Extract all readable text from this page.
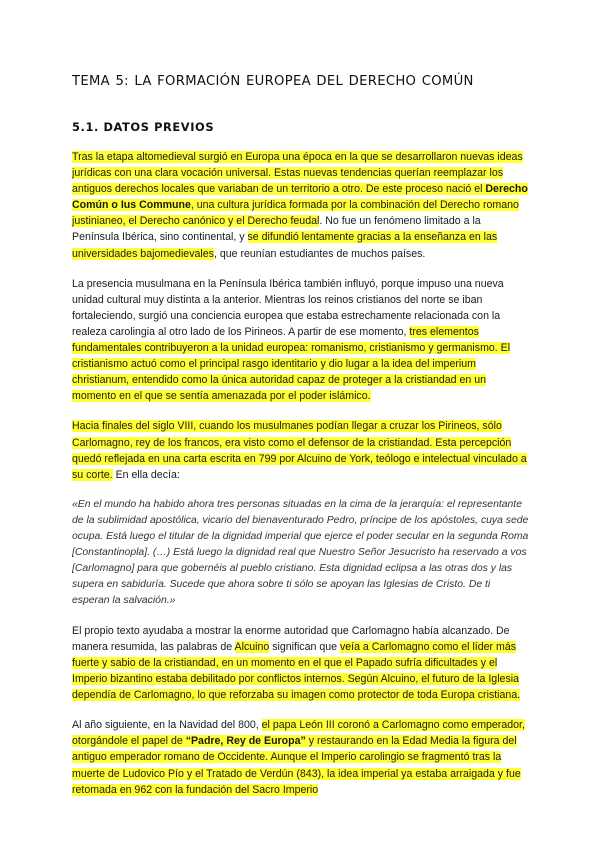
TEMA 5: LA FORMACIÓN EUROPEA DEL DERECHO COMÚN
5.1. DATOS PREVIOS

Tras la etapa altomedieval surgió en Europa una época en la que se desarrollaron nuevas ideas jurídicas con una clara vocación universal. Estas nuevas tendencias querían reemplazar los antiguos derechos locales que variaban de un territorio a otro. De este proceso nació el Derecho Común o Ius Commune, una cultura jurídica formada por la combinación del Derecho romano justinianeo, el Derecho canónico y el Derecho feudal. No fue un fenómeno limitado a la Península Ibérica, sino continental, y se difundió lentamente gracias a la enseñanza en las universidades bajomedievales, que reunían estudiantes de muchos países.

La presencia musulmana en la Península Ibérica también influyó, porque impuso una nueva unidad cultural muy distinta a la anterior. Mientras los reinos cristianos del norte se iban fortaleciendo, surgió una conciencia europea que estaba estrechamente relacionada con la realeza carolingia al otro lado de los Pirineos. A partir de ese momento, tres elementos fundamentales contribuyeron a la unidad europea: romanismo, cristianismo y germanismo. El cristianismo actuó como el principal rasgo identitario y dio lugar a la idea del imperium christianum, entendido como la única autoridad capaz de proteger a la cristiandad en un momento en el que se sentía amenazada por el poder islámico.

Hacia finales del siglo VIII, cuando los musulmanes podían llegar a cruzar los Pirineos, sólo Carlomagno, rey de los francos, era visto como el defensor de la cristiandad. Esta percepción quedó reflejada en una carta escrita en 799 por Alcuino de York, teólogo e intelectual vinculado a su corte. En ella decía:

«En el mundo ha habido ahora tres personas situadas en la cima de la jerarquía: el representante de la sublimidad apostólica, vicario del bienaventurado Pedro, príncipe de los apóstoles, cuya sede ocupa. Está luego el titular de la dignidad imperial que ejerce el poder secular en la segunda Roma [Constantinopla]. (…) Está luego la dignidad real que Nuestro Señor Jesucristo ha reservado a vos [Carlomagno] para que gobernéis al pueblo cristiano. Esta dignidad eclipsa a las otras dos y las supera en sabiduría. Sucede que ahora sobre ti sólo se apoyan las Iglesias de Cristo. De ti esperan la salvación.»

El propio texto ayudaba a mostrar la enorme autoridad que Carlomagno había alcanzado. De manera resumida, las palabras de Alcuino significan que veía a Carlomagno como el líder más fuerte y sabio de la cristiandad, en un momento en el que el Papado sufría dificultades y el Imperio bizantino estaba debilitado por conflictos internos. Según Alcuino, el futuro de la Iglesia dependía de Carlomagno, lo que reforzaba su imagen como protector de toda Europa cristiana.

Al año siguiente, en la Navidad del 800, el papa León III coronó a Carlomagno como emperador, otorgándole el papel de “Padre, Rey de Europa” y restaurando en la Edad Media la figura del antiguo emperador romano de Occidente. Aunque el Imperio carolingio se fragmentó tras la muerte de Ludovico Pío y el Tratado de Verdún (843), la idea imperial ya estaba arraigada y fue retomada en 962 con la fundación del Sacro Imperio
